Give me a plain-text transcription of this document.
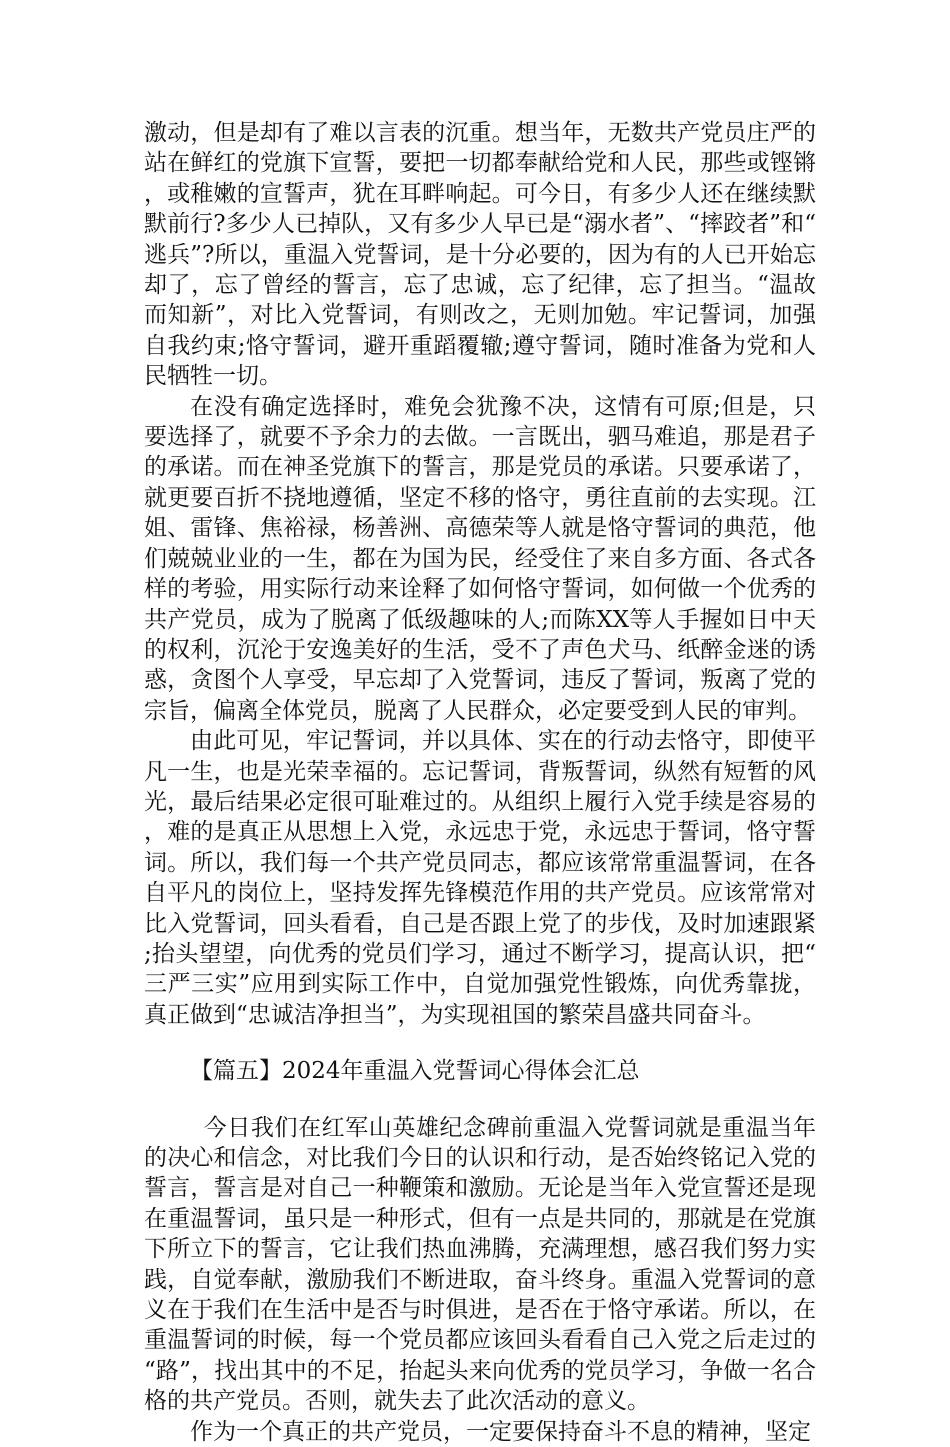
激动，但是却有了难以言表的沉重。想当年，无数共产党员庄严的站在鲜红的党旗下宣誓，要把一切都奉献给党和人民，那些或铿锵，或稚嫩的宣誓声，犹在耳畔响起。可今日，有多少人还在继续默默前行?多少人已掉队，又有多少人早已是“溺水者”、“摔跤者”和“逃兵”?所以，重温入党誓词，是十分必要的，因为有的人已开始忘却了，忘了曾经的誓言，忘了忠诚，忘了纪律，忘了担当。“温故而知新”，对比入党誓词，有则改之，无则加勉。牢记誓词，加强自我约束;恪守誓词，避开重蹈覆辙;遵守誓词，随时准备为党和人民牺牲一切。

在没有确定选择时，难免会犹豫不决，这情有可原;但是，只要选择了，就要不予余力的去做。一言既出，驷马难追，那是君子的承诺。而在神圣党旗下的誓言，那是党员的承诺。只要承诺了，就更要百折不挠地遵循，坚定不移的恪守，勇往直前的去实现。江姐、雷锋、焦裕禄，杨善洲、高德荣等人就是恪守誓词的典范，他们兢兢业业的一生，都在为国为民，经受住了来自多方面、各式各样的考验，用实际行动来诠释了如何恪守誓词，如何做一个优秀的共产党员，成为了脱离了低级趣味的人;而陈XX等人手握如日中天的权利，沉沦于安逸美好的生活，受不了声色犬马、纸醉金迷的诱惑，贪图个人享受，早忘却了入党誓词，违反了誓词，叛离了党的宗旨，偏离全体党员，脱离了人民群众，必定要受到人民的审判。

由此可见，牢记誓词，并以具体、实在的行动去恪守，即使平凡一生，也是光荣幸福的。忘记誓词，背叛誓词，纵然有短暂的风光，最后结果必定很可耻难过的。从组织上履行入党手续是容易的，难的是真正从思想上入党，永远忠于党，永远忠于誓词，恪守誓词。所以，我们每一个共产党员同志，都应该常常重温誓词，在各自平凡的岗位上，坚持发挥先锋模范作用的共产党员。应该常常对比入党誓词，回头看看，自己是否跟上党了的步伐，及时加速跟紧;抬头望望，向优秀的党员们学习，通过不断学习，提高认识，把“三严三实”应用到实际工作中，自觉加强党性锻炼，向优秀靠拢，真正做到“忠诚洁净担当”，为实现祖国的繁荣昌盛共同奋斗。

【篇五】2024年重温入党誓词心得体会汇总

今日我们在红军山英雄纪念碑前重温入党誓词就是重温当年的决心和信念，对比我们今日的认识和行动，是否始终铭记入党的誓言，誓言是对自己一种鞭策和激励。无论是当年入党宣誓还是现在重温誓词，虽只是一种形式，但有一点是共同的，那就是在党旗下所立下的誓言，它让我们热血沸腾，充满理想，感召我们努力实践，自觉奉献，激励我们不断进取，奋斗终身。重温入党誓词的意义在于我们在生活中是否与时俱进，是否在于恪守承诺。所以，在重温誓词的时候，每一个党员都应该回头看看自己入党之后走过的“路”，找出其中的不足，抬起头来向优秀的党员学习，争做一名合格的共产党员。否则，就失去了此次活动的意义。

作为一个真正的共产党员，一定要保持奋斗不息的精神，坚定
